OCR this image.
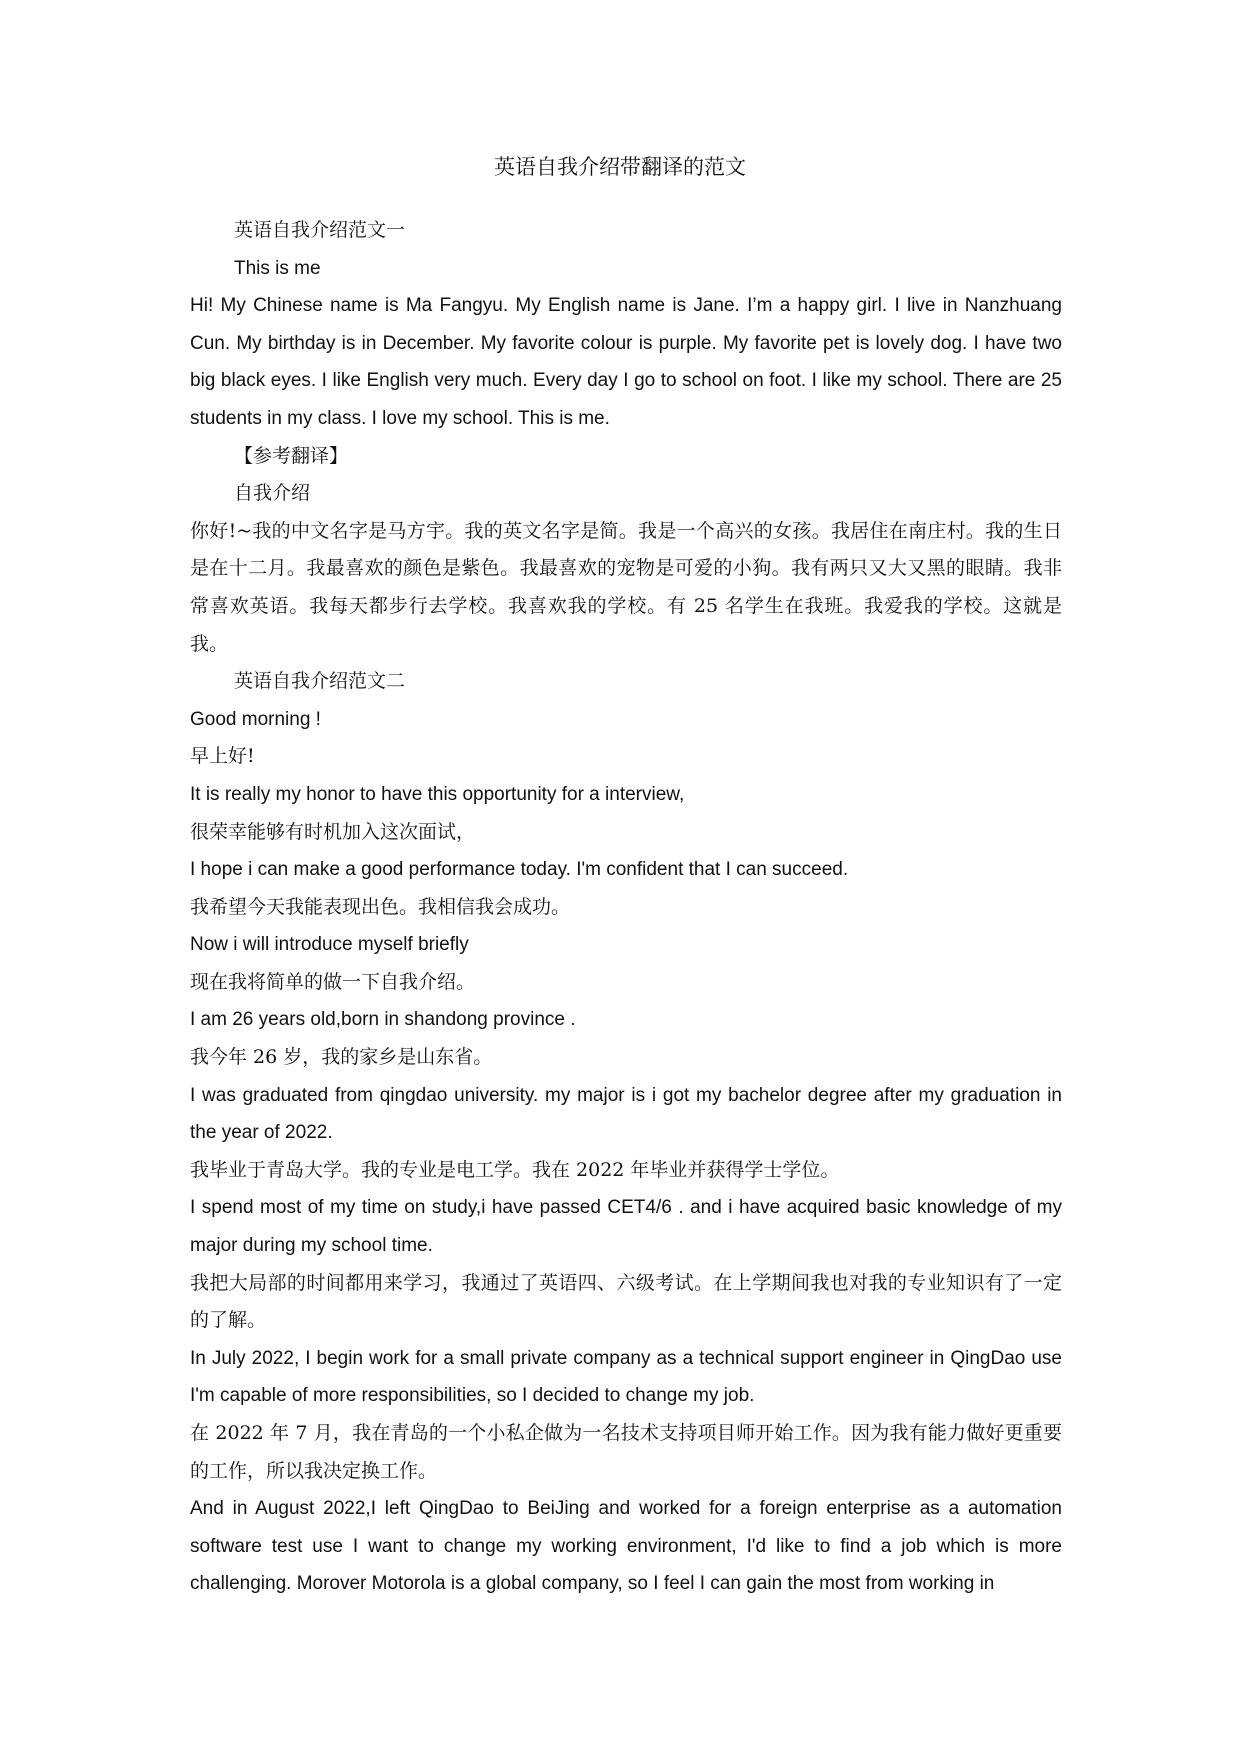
英语自我介绍带翻译的范文

英语自我介绍范文一

This is me

Hi! My Chinese name is Ma Fangyu. My English name is Jane. I’m a happy girl. I live in Nanzhuang Cun. My birthday is in December. My favorite colour is purple. My favorite pet is lovely dog. I have two big black eyes. I like English very much. Every day I go to school on foot. I like my school. There are 25 students in my class. I love my school. This is me.

【参考翻译】

自我介绍

你好!~我的中文名字是马方宇。我的英文名字是简。我是一个高兴的女孩。我居住在南庄村。我的生日是在十二月。我最喜欢的颜色是紫色。我最喜欢的宠物是可爱的小狗。我有两只又大又黑的眼睛。我非常喜欢英语。我每天都步行去学校。我喜欢我的学校。有 25 名学生在我班。我爱我的学校。这就是我。

英语自我介绍范文二

Good morning !

早上好!

It is really my honor to have this opportunity for a interview,

很荣幸能够有时机加入这次面试，

I hope i can make a good performance today. I'm confident that I can succeed.

我希望今天我能表现出色。我相信我会成功。

Now i will introduce myself briefly

现在我将简单的做一下自我介绍。

I am 26 years old,born in shandong province .

我今年 26 岁，我的家乡是山东省。

I was graduated from qingdao university. my major is i got my bachelor degree after my graduation in the year of 2022.

我毕业于青岛大学。我的专业是电工学。我在 2022 年毕业并获得学士学位。

I spend most of my time on study,i have passed CET4/6 . and i have acquired basic knowledge of my major during my school time.

我把大局部的时间都用来学习，我通过了英语四、六级考试。在上学期间我也对我的专业知识有了一定的了解。

In July 2022, I begin work for a small private company as a technical support engineer in QingDao use I'm capable of more responsibilities, so I decided to change my job.

在 2022 年 7 月，我在青岛的一个小私企做为一名技术支持项目师开始工作。因为我有能力做好更重要的工作，所以我决定换工作。

And in August 2022,I left QingDao to BeiJing and worked for a foreign enterprise as a automation software test use I want to change my working environment, I'd like to find a job which is more challenging. Morover Motorola is a global company, so I feel I can gain the most from working in
